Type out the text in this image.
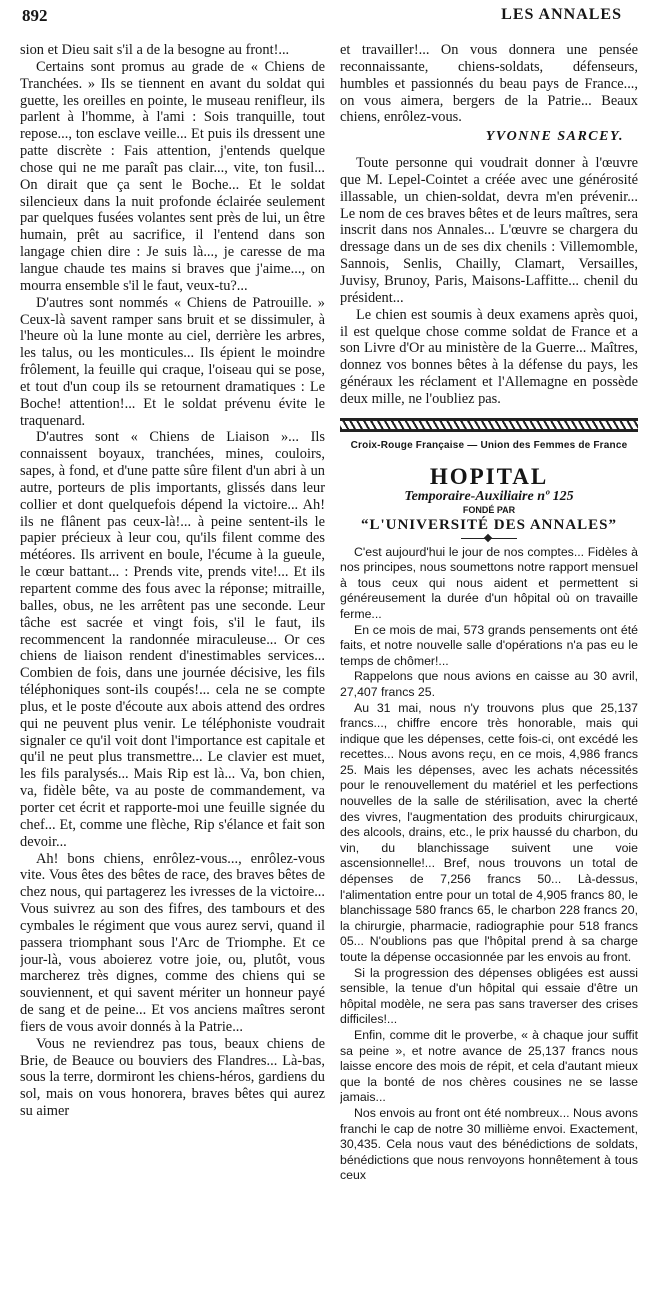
892	LES ANNALES

sion et Dieu sait s'il a de la besogne au front!...

Certains sont promus au grade de « Chiens de Tranchées. » Ils se tiennent en avant du soldat qui guette, les oreilles en pointe, le museau renifleur, ils parlent à l'homme, à l'ami : Sois tranquille, tout repose..., ton esclave veille... Et puis ils dressent une patte discrète : Fais attention, j'entends quelque chose qui ne me paraît pas clair..., vite, ton fusil... On dirait que ça sent le Boche... Et le soldat silencieux dans la nuit profonde éclairée seulement par quelques fusées volantes sent près de lui, un être humain, prêt au sacrifice, il l'entend dans son langage chien dire : Je suis là..., je caresse de ma langue chaude tes mains si braves que j'aime..., on mourra ensemble s'il le faut, veux-tu?...

D'autres sont nommés « Chiens de Patrouille. » Ceux-là savent ramper sans bruit et se dissimuler, à l'heure où la lune monte au ciel, derrière les arbres, les talus, ou les monticules... Ils épient le moindre frôlement, la feuille qui craque, l'oiseau qui se pose, et tout d'un coup ils se retournent dramatiques : Le Boche! attention!... Et le soldat prévenu évite le traquenard.

D'autres sont « Chiens de Liaison »... Ils connaissent boyaux, tranchées, mines, couloirs, sapes, à fond, et d'une patte sûre filent d'un abri à un autre, porteurs de plis importants, glissés dans leur collier et dont quelquefois dépend la victoire... Ah! ils ne flânent pas ceux-là!... à peine sentent-ils le papier précieux à leur cou, qu'ils filent comme des météores. Ils arrivent en boule, l'écume à la gueule, le cœur battant... : Prends vite, prends vite!... Et ils repartent comme des fous avec la réponse; mitraille, balles, obus, ne les arrêtent pas une seconde. Leur tâche est sacrée et vingt fois, s'il le faut, ils recommencent la randonnée miraculeuse... Or ces chiens de liaison rendent d'inestimables services... Combien de fois, dans une journée décisive, les fils téléphoniques sont-ils coupés!... cela ne se compte plus, et le poste d'écoute aux abois attend des ordres qui ne peuvent plus venir. Le téléphoniste voudrait signaler ce qu'il voit dont l'importance est capitale et qu'il ne peut plus transmettre... Le clavier est muet, les fils paralysés... Mais Rip est là... Va, bon chien, va, fidèle bête, va au poste de commandement, va porter cet écrit et rapporte-moi une feuille signée du chef... Et, comme une flèche, Rip s'élance et fait son devoir...

Ah! bons chiens, enrôlez-vous..., enrôlez-vous vite. Vous êtes des bêtes de race, des braves bêtes de chez nous, qui partagerez les ivresses de la victoire... Vous suivrez au son des fifres, des tambours et des cymbales le régiment que vous aurez servi, quand il passera triomphant sous l'Arc de Triomphe. Et ce jour-là, vous aboierez votre joie, ou, plutôt, vous marcherez très dignes, comme des chiens qui se souviennent, et qui savent mériter un honneur payé de sang et de peine... Et vos anciens maîtres seront fiers de vous avoir donnés à la Patrie...

Vous ne reviendrez pas tous, beaux chiens de Brie, de Beauce ou bouviers des Flandres... Là-bas, sous la terre, dormiront les chiens-héros, gardiens du sol, mais on vous honorera, braves bêtes qui aurez su aimer

et travailler!... On vous donnera une pensée reconnaissante, chiens-soldats, défenseurs, humbles et passionnés du beau pays de France..., on vous aimera, bergers de la Patrie... Beaux chiens, enrôlez-vous.

YVONNE SARCEY.

Toute personne qui voudrait donner à l'œuvre que M. Lepel-Cointet a créée avec une générosité illassable, un chien-soldat, devra m'en prévenir... Le nom de ces braves bêtes et de leurs maîtres, sera inscrit dans nos Annales... L'œuvre se chargera du dressage dans un de ses dix chenils : Villemomble, Sannois, Senlis, Chailly, Clamart, Versailles, Juvisy, Brunoy, Paris, Maisons-Laffitte... chenil du président...

Le chien est soumis à deux examens après quoi, il est quelque chose comme soldat de France et a son Livre d'Or au ministère de la Guerre... Maîtres, donnez vos bonnes bêtes à la défense du pays, les généraux les réclament et l'Allemagne en possède deux mille, ne l'oubliez pas.

Croix-Rouge Française — Union des Femmes de France
HOPITAL
Temporaire-Auxiliaire nº 125
FONDÉ PAR
“L'UNIVERSITÉ DES ANNALES”

C'est aujourd'hui le jour de nos comptes... Fidèles à nos principes, nous soumettons notre rapport mensuel à tous ceux qui nous aident et permettent si généreusement la durée d'un hôpital où on travaille ferme...

En ce mois de mai, 573 grands pensements ont été faits, et notre nouvelle salle d'opérations n'a pas eu le temps de chômer!...

Rappelons que nous avions en caisse au 30 avril, 27,407 francs 25.

Au 31 mai, nous n'y trouvons plus que 25,137 francs..., chiffre encore très honorable, mais qui indique que les dépenses, cette fois-ci, ont excédé les recettes... Nous avons reçu, en ce mois, 4,986 francs 25. Mais les dépenses, avec les achats nécessités pour le renouvellement du matériel et les perfections nouvelles de la salle de stérilisation, avec la cherté des vivres, l'augmentation des produits chirurgicaux, des alcools, drains, etc., le prix haussé du charbon, du vin, du blanchissage suivent une voie ascensionnelle!... Bref, nous trouvons un total de dépenses de 7,256 francs 50... Là-dessus, l'alimentation entre pour un total de 4,905 francs 80, le blanchissage 580 francs 65, le charbon 228 francs 20, la chirurgie, pharmacie, radiographie pour 518 francs 05... N'oublions pas que l'hôpital prend à sa charge toute la dépense occasionnée par les envois au front.

Si la progression des dépenses obligées est aussi sensible, la tenue d'un hôpital qui essaie d'être un hôpital modèle, ne sera pas sans traverser des crises difficiles!...

Enfin, comme dit le proverbe, « à chaque jour suffit sa peine », et notre avance de 25,137 francs nous laisse encore des mois de répit, et cela d'autant mieux que la bonté de nos chères cousines ne se lasse jamais...

Nos envois au front ont été nombreux... Nous avons franchi le cap de notre 30 millième envoi. Exactement, 30,435. Cela nous vaut des bénédictions de soldats, bénédictions que nous renvoyons honnêtement à tous ceux
